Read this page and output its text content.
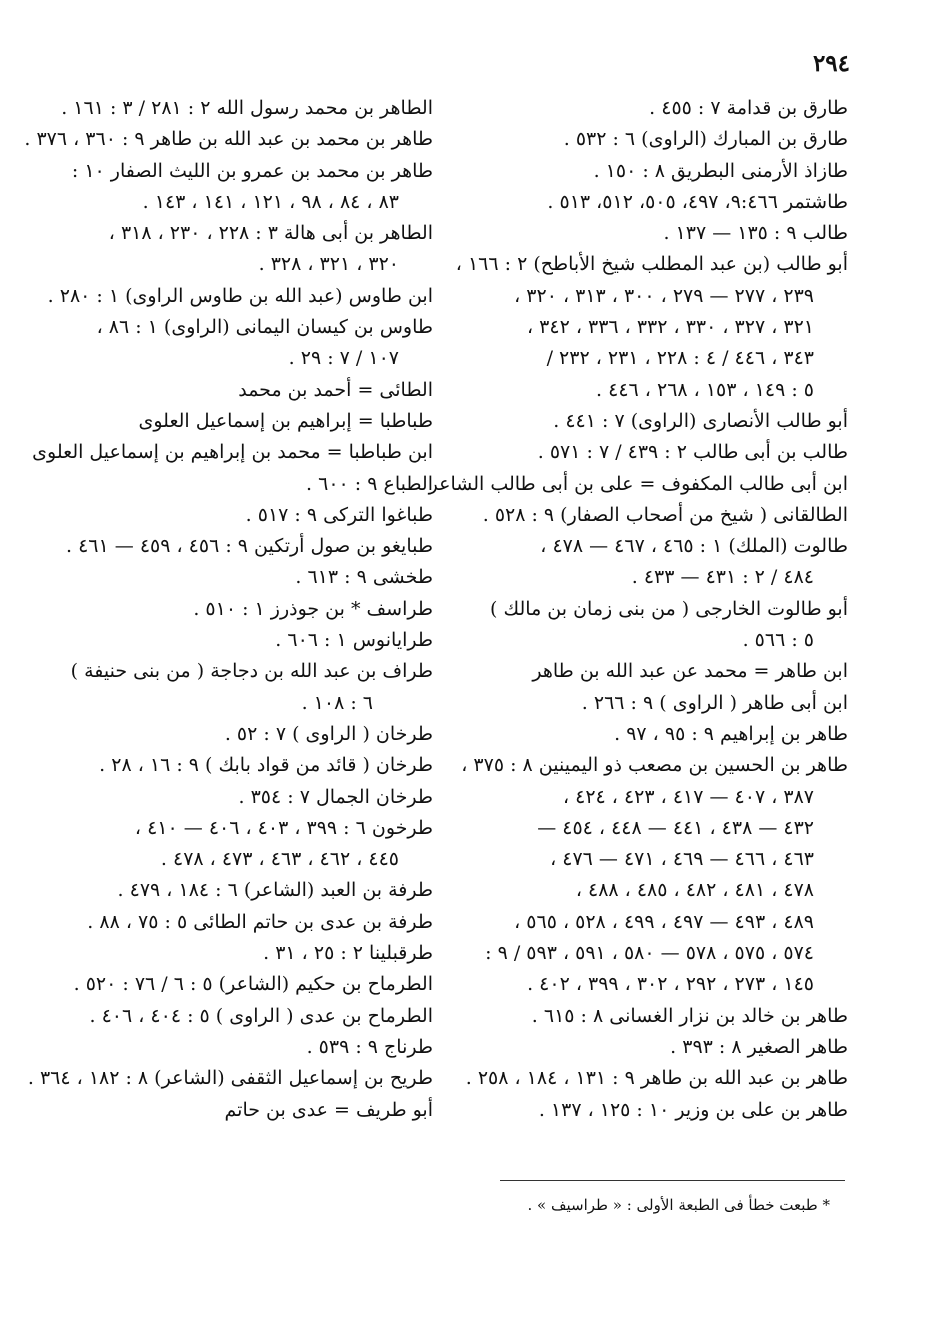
٢٩٤
طارق بن قدامة ٧ : ٤٥٥ .
طارق بن المبارك (الراوى) ٦ : ٥٣٢ .
طازاذ الأرمنى البطريق ٨ : ١٥٠ .
طاشتمر ٩:٤٦٦، ٤٩٧، ٥٠٥، ٥١٢، ٥١٣ .
طالب ٩ : ١٣٥ — ١٣٧ .
أبو طالب (بن عبد المطلب شيخ الأباطح) ٢ : ١٦٦ ،
٢٣٩ ، ٢٧٧ — ٢٧٩ ، ٣٠٠ ، ٣١٣ ، ٣٢٠ ،
٣٢١ ، ٣٢٧ ، ٣٣٠ ، ٣٣٢ ، ٣٣٦ ، ٣٤٢ ،
٣٤٣ ، ٤٤٦ / ٤ : ٢٢٨ ، ٢٣١ ، ٢٣٢ /
٥ : ١٤٩ ، ١٥٣ ، ٢٦٨ ، ٤٤٦ .
أبو طالب الأنصارى (الراوى) ٧ : ٤٤١ .
طالب بن أبى طالب ٢ : ٤٣٩ / ٧ : ٥٧١ .
ابن أبى طالب المكفوف = على بن أبى طالب الشاعر
الطالقانى ( شيخ من أصحاب الصفار) ٩ : ٥٢٨ .
طالوت (الملك) ١ : ٤٦٥ ، ٤٦٧ — ٤٧٨ ،
٤٨٤ / ٢ : ٤٣١ — ٤٣٣ .
أبو طالوت الخارجى ( من بنى زمان بن مالك )
٥ : ٥٦٦ .
ابن طاهر = محمد عن عبد الله بن طاهر
ابن أبى طاهر ( الراوى ) ٩ : ٢٦٦ .
طاهر بن إبراهيم ٩ : ٩٥ ، ٩٧ .
طاهر بن الحسين بن مصعب ذو اليمينين ٨ : ٣٧٥ ،
٣٨٧ ، ٤٠٧ — ٤١٧ ، ٤٢٣ ، ٤٢٤ ،
٤٣٢ — ٤٣٨ ، ٤٤١ — ٤٤٨ ، ٤٥٤ —
٤٦٣ ، ٤٦٦ — ٤٦٩ ، ٤٧١ — ٤٧٦ ،
٤٧٨ ، ٤٨١ ، ٤٨٢ ، ٤٨٥ ، ٤٨٨ ،
٤٨٩ ، ٤٩٣ — ٤٩٧ ، ٤٩٩ ، ٥٢٨ ، ٥٦٥ ،
٥٧٤ ، ٥٧٥ ، ٥٧٨ — ٥٨٠ ، ٥٩١ ، ٥٩٣ / ٩ :
١٤٥ ، ٢٧٣ ، ٢٩٢ ، ٣٠٢ ، ٣٩٩ ، ٤٠٢ .
طاهر بن خالد بن نزار الغسانى ٨ : ٦١٥ .
طاهر الصغير ٨ : ٣٩٣ .
طاهر بن عبد الله بن طاهر ٩ : ١٣١ ، ١٨٤ ، ٢٥٨ .
طاهر بن على بن وزير ١٠ : ١٢٥ ، ١٣٧ .
الطاهر بن محمد رسول الله ٢ : ٢٨١ / ٣ : ١٦١ .
طاهر بن محمد بن عبد الله بن طاهر ٩ : ٣٦٠ ، ٣٧٦ .
طاهر بن محمد بن عمرو بن الليث الصفار ١٠ :
٨٣ ، ٨٤ ، ٩٨ ، ١٢١ ، ١٤١ ، ١٤٣ .
الطاهر بن أبى هالة ٣ : ٢٢٨ ، ٢٣٠ ، ٣١٨ ،
٣٢٠ ، ٣٢١ ، ٣٢٨ .
ابن طاوس (عبد الله بن طاوس الراوى) ١ : ٢٨٠ .
طاوس بن كيسان اليمانى (الراوى) ١ : ٨٦ ،
١٠٧ / ٧ : ٢٩ .
الطائى = أحمد بن محمد
طباطبا = إبراهيم بن إسماعيل العلوى
ابن طباطبا = محمد بن إبراهيم بن إسماعيل العلوى
الطباع ٩ : ٦٠٠ .
طباغوا التركى ٩ : ٥١٧ .
طبايغو بن صول أرتكين ٩ : ٤٥٦ ، ٤٥٩ — ٤٦١ .
طخشى ٩ : ٦١٣ .
طراسف * بن جوذرز ١ : ٥١٠ .
طرايانوس ١ : ٦٠٦ .
طراف بن عبد الله بن دجاجة ( من بنى حنيفة )
٦ : ١٠٨ .
طرخان ( الراوى ) ٧ : ٥٢ .
طرخان ( قائد من قواد بابك ) ٩ : ١٦ ، ٢٨ .
طرخان الجمال ٧ : ٣٥٤ .
طرخون ٦ : ٣٩٩ ، ٤٠٣ ، ٤٠٦ — ٤١٠ ،
٤٤٥ ، ٤٦٢ ، ٤٦٣ ، ٤٧٣ ، ٤٧٨ .
طرفة بن العبد (الشاعر) ٦ : ١٨٤ ، ٤٧٩ .
طرفة بن عدى بن حاتم الطائى ٥ : ٧٥ ، ٨٨ .
طرقبلينا ٢ : ٢٥ ، ٣١ .
الطرماح بن حكيم (الشاعر) ٥ : ٦ / ٧٦ : ٥٢٠ .
الطرماح بن عدى ( الراوى ) ٥ : ٤٠٤ ، ٤٠٦ .
طرناج ٩ : ٥٣٩ .
طريح بن إسماعيل الثقفى (الشاعر) ٨ : ١٨٢ ، ٣٦٤ .
أبو طريف = عدى بن حاتم
* طبعت خطأ فى الطبعة الأولى : « طراسيف » .
